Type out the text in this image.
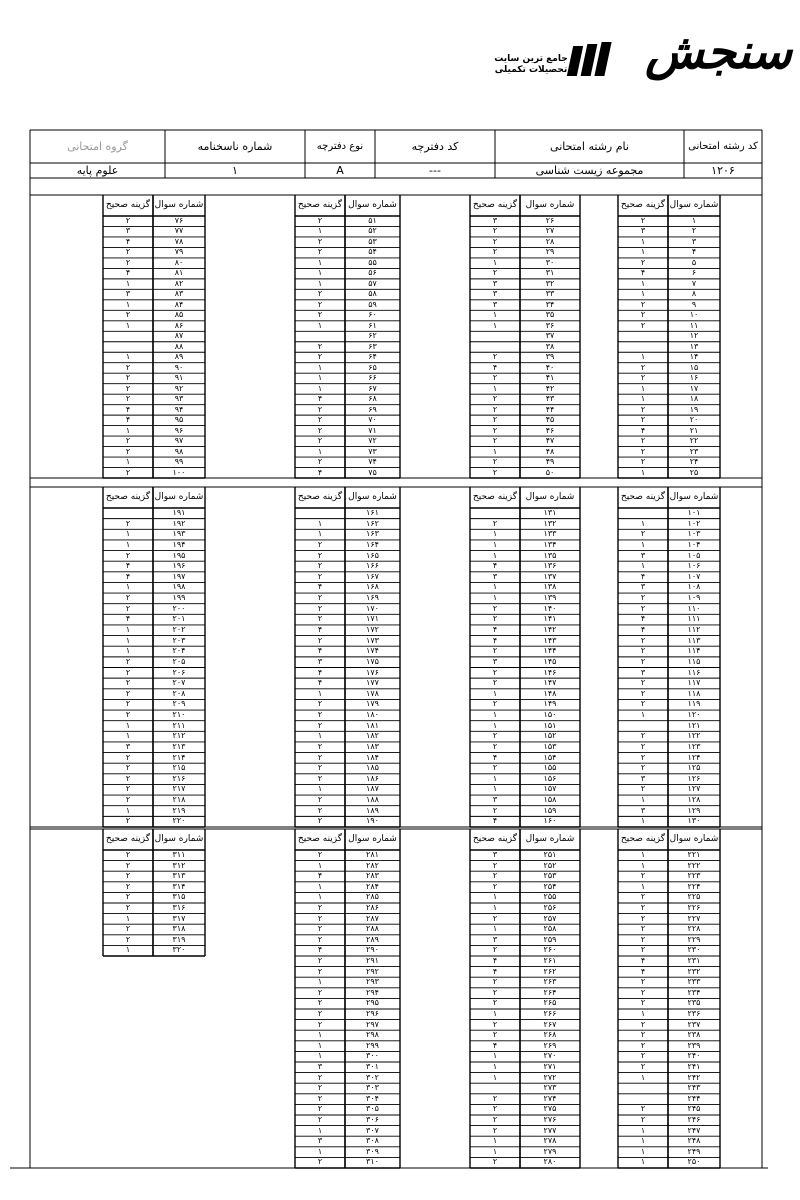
سنجش
جامع ترین سایت تحصیلات تکمیلی
کد رشته امتحانی
نام رشته امتحانی
کد دفترچه
نوع دفترچه
شماره ناسخنامه
گروه امتحانی
۱۲۰۶
مجموعه زیست شناسی
---
A
۱
علوم پایه
شماره سوال
گزینه صحیح
۱
۲
۲
۳
۳
۱
۴
۱
۵
۲
۶
۴
۷
۱
۸
۱
۹
۲
۱۰
۲
۱۱
۲
۱۲
۱۳
۱۴
۱
۱۵
۲
۱۶
۲
۱۷
۱
۱۸
۱
۱۹
۲
۲۰
۲
۲۱
۴
۲۲
۲
۲۳
۲
۲۴
۲
۲۵
۱
شماره سوال
گزینه صحیح
۲۶
۳
۲۷
۲
۲۸
۲
۲۹
۲
۳۰
۱
۳۱
۲
۳۲
۳
۳۳
۳
۳۴
۳
۳۵
۱
۳۶
۱
۳۷
۳۸
۳۹
۲
۴۰
۴
۴۱
۲
۴۲
۱
۴۳
۲
۴۴
۲
۴۵
۲
۴۶
۲
۴۷
۲
۴۸
۱
۴۹
۲
۵۰
۲
شماره سوال
گزینه صحیح
۵۱
۲
۵۲
۱
۵۳
۲
۵۴
۲
۵۵
۱
۵۶
۱
۵۷
۱
۵۸
۲
۵۹
۲
۶۰
۲
۶۱
۱
۶۲
۶۳
۲
۶۴
۲
۶۵
۱
۶۶
۱
۶۷
۱
۶۸
۴
۶۹
۲
۷۰
۲
۷۱
۲
۷۲
۲
۷۳
۱
۷۴
۲
۷۵
۴
شماره سوال
گزینه صحیح
۷۶
۲
۷۷
۳
۷۸
۴
۷۹
۲
۸۰
۲
۸۱
۴
۸۲
۱
۸۳
۳
۸۴
۱
۸۵
۲
۸۶
۱
۸۷
۸۸
۸۹
۱
۹۰
۲
۹۱
۲
۹۲
۲
۹۳
۲
۹۴
۴
۹۵
۴
۹۶
۱
۹۷
۲
۹۸
۲
۹۹
۱
۱۰۰
۲
شماره سوال
گزینه صحیح
۱۰۱
۱۰۲
۱
۱۰۳
۲
۱۰۴
۱
۱۰۵
۳
۱۰۶
۱
۱۰۷
۴
۱۰۸
۳
۱۰۹
۲
۱۱۰
۲
۱۱۱
۴
۱۱۲
۴
۱۱۳
۲
۱۱۴
۲
۱۱۵
۲
۱۱۶
۳
۱۱۷
۲
۱۱۸
۲
۱۱۹
۲
۱۲۰
۱
۱۲۱
۱۲۲
۲
۱۲۳
۲
۱۲۴
۲
۱۲۵
۲
۱۲۶
۳
۱۲۷
۲
۱۲۸
۱
۱۲۹
۳
۱۳۰
۱
شماره سوال
گزینه صحیح
۱۳۱
۱۳۲
۲
۱۳۳
۱
۱۳۴
۱
۱۳۵
۱
۱۳۶
۴
۱۳۷
۳
۱۳۸
۱
۱۳۹
۱
۱۴۰
۲
۱۴۱
۲
۱۴۲
۴
۱۴۳
۴
۱۴۴
۲
۱۴۵
۳
۱۴۶
۲
۱۴۷
۲
۱۴۸
۱
۱۴۹
۲
۱۵۰
۱
۱۵۱
۱
۱۵۲
۲
۱۵۳
۲
۱۵۴
۴
۱۵۵
۲
۱۵۶
۱
۱۵۷
۱
۱۵۸
۳
۱۵۹
۲
۱۶۰
۴
شماره سوال
گزینه صحیح
۱۶۱
۱۶۲
۱
۱۶۳
۱
۱۶۴
۲
۱۶۵
۲
۱۶۶
۲
۱۶۷
۲
۱۶۸
۴
۱۶۹
۲
۱۷۰
۲
۱۷۱
۲
۱۷۲
۴
۱۷۳
۲
۱۷۴
۴
۱۷۵
۳
۱۷۶
۴
۱۷۷
۴
۱۷۸
۱
۱۷۹
۲
۱۸۰
۲
۱۸۱
۲
۱۸۲
۱
۱۸۳
۲
۱۸۴
۲
۱۸۵
۲
۱۸۶
۲
۱۸۷
۱
۱۸۸
۲
۱۸۹
۲
۱۹۰
۲
شماره سوال
گزینه صحیح
۱۹۱
۱۹۲
۲
۱۹۳
۱
۱۹۴
۱
۱۹۵
۲
۱۹۶
۴
۱۹۷
۴
۱۹۸
۱
۱۹۹
۲
۲۰۰
۲
۲۰۱
۴
۲۰۲
۱
۲۰۳
۱
۲۰۴
۱
۲۰۵
۲
۲۰۶
۲
۲۰۷
۲
۲۰۸
۲
۲۰۹
۲
۲۱۰
۲
۲۱۱
۱
۲۱۲
۱
۲۱۳
۳
۲۱۴
۲
۲۱۵
۲
۲۱۶
۲
۲۱۷
۲
۲۱۸
۲
۲۱۹
۱
۲۲۰
۲
شماره سوال
گزینه صحیح
۲۲۱
۱
۲۲۲
۱
۲۲۳
۲
۲۲۴
۱
۲۲۵
۲
۲۲۶
۲
۲۲۷
۲
۲۲۸
۲
۲۲۹
۲
۲۳۰
۲
۲۳۱
۴
۲۳۲
۴
۲۳۳
۲
۲۳۴
۲
۲۳۵
۲
۲۳۶
۱
۲۳۷
۲
۲۳۸
۲
۲۳۹
۲
۲۴۰
۲
۲۴۱
۲
۲۴۲
۱
۲۴۳
۲۴۴
۲۴۵
۲
۲۴۶
۲
۲۴۷
۱
۲۴۸
۱
۲۴۹
۱
۲۵۰
۱
شماره سوال
گزینه صحیح
۲۵۱
۳
۲۵۲
۲
۲۵۳
۲
۲۵۴
۲
۲۵۵
۱
۲۵۶
۱
۲۵۷
۲
۲۵۸
۱
۲۵۹
۳
۲۶۰
۲
۲۶۱
۴
۲۶۲
۴
۲۶۳
۲
۲۶۴
۲
۲۶۵
۲
۲۶۶
۱
۲۶۷
۲
۲۶۸
۲
۲۶۹
۴
۲۷۰
۱
۲۷۱
۱
۲۷۲
۱
۲۷۳
۲۷۴
۲
۲۷۵
۲
۲۷۶
۲
۲۷۷
۲
۲۷۸
۱
۲۷۹
۱
۲۸۰
۲
شماره سوال
گزینه صحیح
۲۸۱
۲
۲۸۲
۱
۲۸۳
۴
۲۸۴
۱
۲۸۵
۱
۲۸۶
۲
۲۸۷
۲
۲۸۸
۲
۲۸۹
۲
۲۹۰
۴
۲۹۱
۲
۲۹۲
۲
۲۹۳
۱
۲۹۴
۲
۲۹۵
۲
۲۹۶
۲
۲۹۷
۲
۲۹۸
۱
۲۹۹
۱
۳۰۰
۱
۳۰۱
۳
۳۰۲
۲
۳۰۳
۲
۳۰۴
۲
۳۰۵
۲
۳۰۶
۲
۳۰۷
۱
۳۰۸
۳
۳۰۹
۱
۳۱۰
۲
شماره سوال
گزینه صحیح
۳۱۱
۲
۳۱۲
۲
۳۱۳
۲
۳۱۴
۲
۳۱۵
۲
۳۱۶
۲
۳۱۷
۱
۳۱۸
۲
۳۱۹
۲
۳۲۰
۱
